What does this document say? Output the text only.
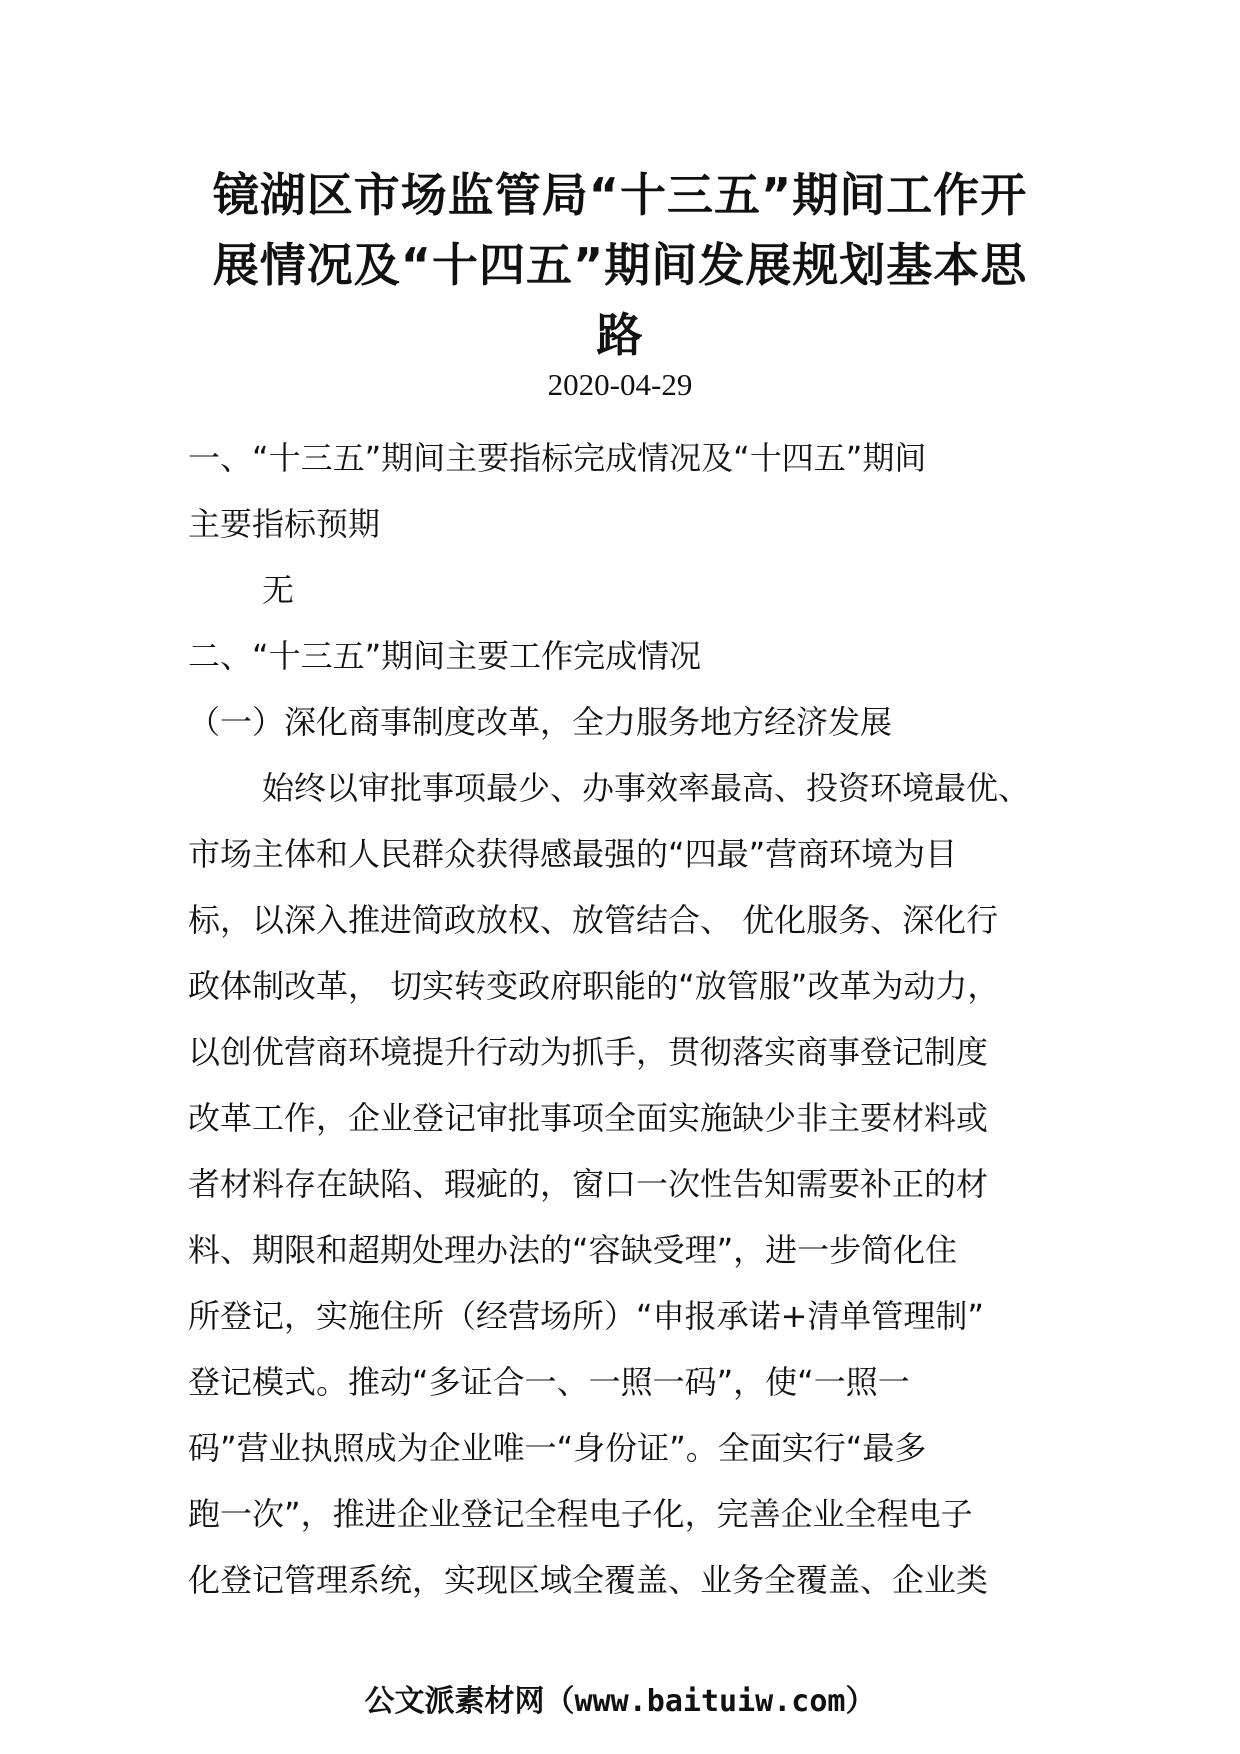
镜湖区市场监管局“十三五”期间工作开
展情况及“十四五”期间发展规划基本思
路
2020-04-29
一、“十三五”期间主要指标完成情况及“十四五”期间
主要指标预期
无
二、“十三五”期间主要工作完成情况
（一）深化商事制度改革，全力服务地方经济发展
始终以审批事项最少、办事效率最高、投资环境最优、
市场主体和人民群众获得感最强的“四最”营商环境为目
标，以深入推进简政放权、放管结合、 优化服务、深化行
政体制改革， 切实转变政府职能的“放管服”改革为动力，
以创优营商环境提升行动为抓手，贯彻落实商事登记制度
改革工作，企业登记审批事项全面实施缺少非主要材料或
者材料存在缺陷、瑕疵的，窗口一次性告知需要补正的材
料、期限和超期处理办法的“容缺受理”，进一步简化住
所登记，实施住所（经营场所）“申报承诺+清单管理制”
登记模式。推动“多证合一、一照一码”，使“一照一
码”营业执照成为企业唯一“身份证”。全面实行“最多
跑一次”，推进企业登记全程电子化，完善企业全程电子
化登记管理系统，实现区域全覆盖、业务全覆盖、企业类
公文派素材网（www.baituiw.com）
